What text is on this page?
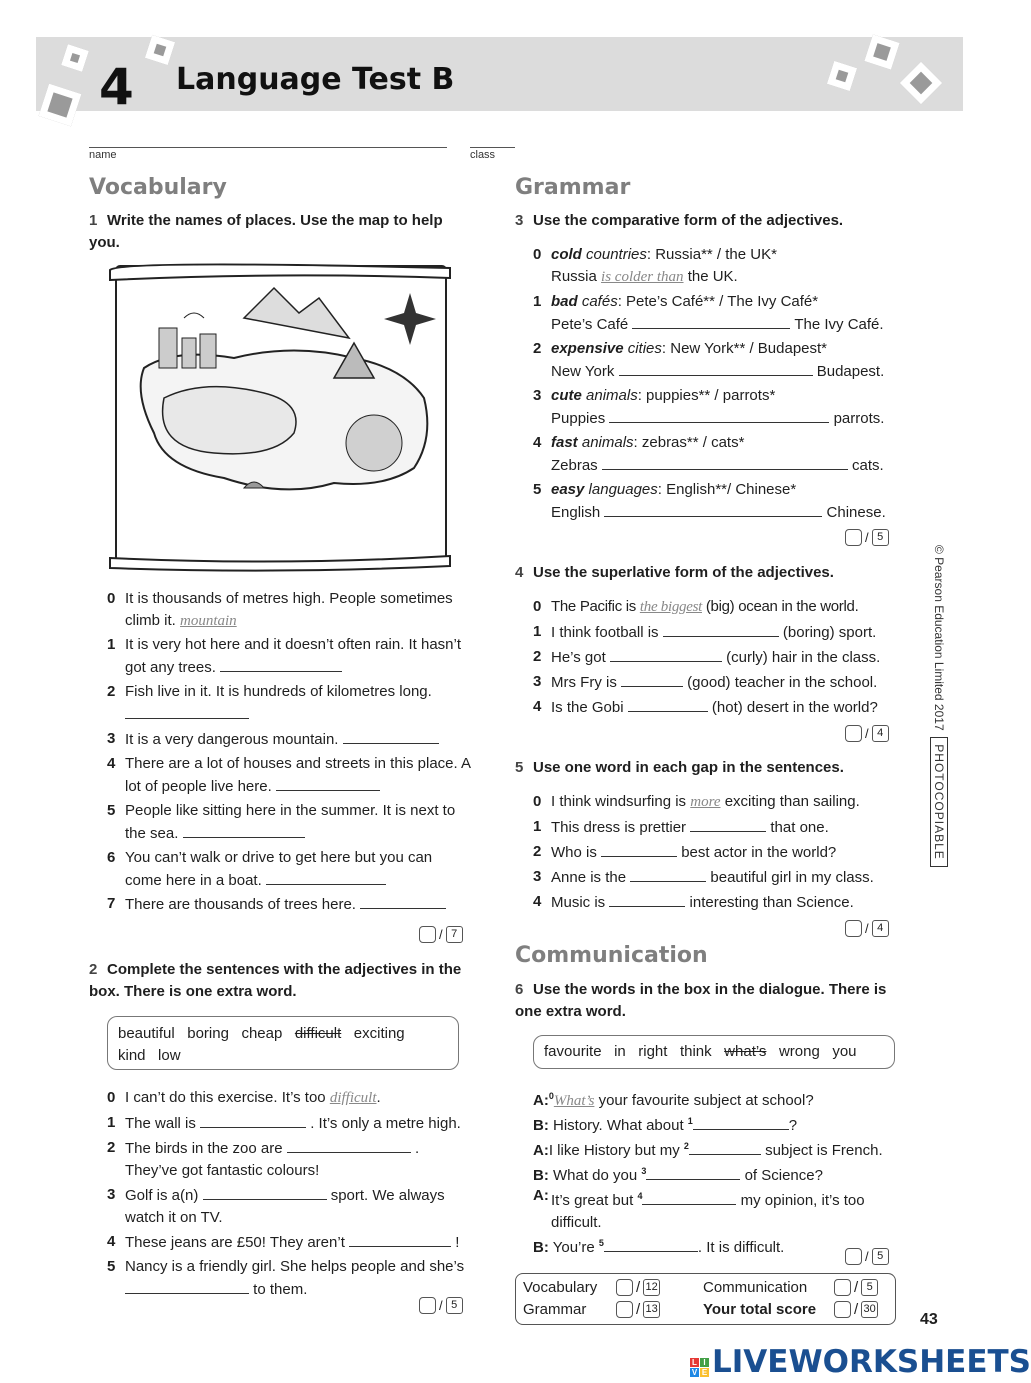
4 Language Test B
name	class
Vocabulary
1 Write the names of places. Use the map to help you.
0 It is thousands of metres high. People sometimes climb it. mountain
1 It is very hot here and it doesn’t often rain. It hasn’t got any trees.
2 Fish live in it. It is hundreds of kilometres long.

3 It is a very dangerous mountain.
4 There are a lot of houses and streets in this place. A lot of people live here.
5 People like sitting here in the summer. It is next to the sea.
6 You can’t walk or drive to get here but you can come here in a boat.
7 There are thousands of trees here.
/ 7
2 Complete the sentences with the adjectives in the box. There is one extra word.
beautiful boring cheap difficult exciting
kind low
0 I can’t do this exercise. It’s too difficult.
1 The wall is	. It’s only a metre high.
2 The birds in the zoo are	. They’ve got fantastic colours!
3 Golf is a(n)	sport. We always watch it on TV.
4 These jeans are £50! They aren’t	!
5 Nancy is a friendly girl. She helps people and she’s  to them.
/ 5
Grammar
3 Use the comparative form of the adjectives.
0 cold countries: Russia** / the UK*
Russia is colder than the UK.
1 bad cafés: Pete’s Café** / The Ivy Café*
Pete’s Café	The Ivy Café.
2 expensive cities: New York** / Budapest*
New York	Budapest.
3 cute animals: puppies** / parrots*
Puppies	parrots.
4 fast animals: zebras** / cats*
Zebras	cats.
5 easy languages: English**/ Chinese*
English	Chinese.
/ 5
4 Use the superlative form of the adjectives.
0 The Pacific is the biggest (big) ocean in the world.
1 I think football is	(boring) sport.
2 He’s got	(curly) hair in the class.
3 Mrs Fry is	(good) teacher in the school.
4 Is the Gobi	(hot) desert in the world?
/ 4
5 Use one word in each gap in the sentences.
0 I think windsurfing is more exciting than sailing.
1 This dress is prettier	that one.
2 Who is	best actor in the world?
3 Anne is the	beautiful girl in my class.
4 Music is	interesting than Science.
/ 4
Communication
6 Use the words in the box in the dialogue. There is one extra word.
favourite in right think what’s wrong you
A:$^0$What’s your favourite subject at school?
B: History. What about $^1$	?
A:I like History but my $^2$	subject is French.
B: What do you $^3$	of Science?
A: It’s great but $^4$	my opinion, it’s too difficult.
B: You’re $^5$	. It is difficult.
/ 5
Vocabulary	/ 12
Grammar	/ 13
Communication	/ 5
Your total score	/ 30
© Pearson Education Limited 2017  PHOTOCOPIABLE
43
L I
V E LIVEWORKSHEETS
